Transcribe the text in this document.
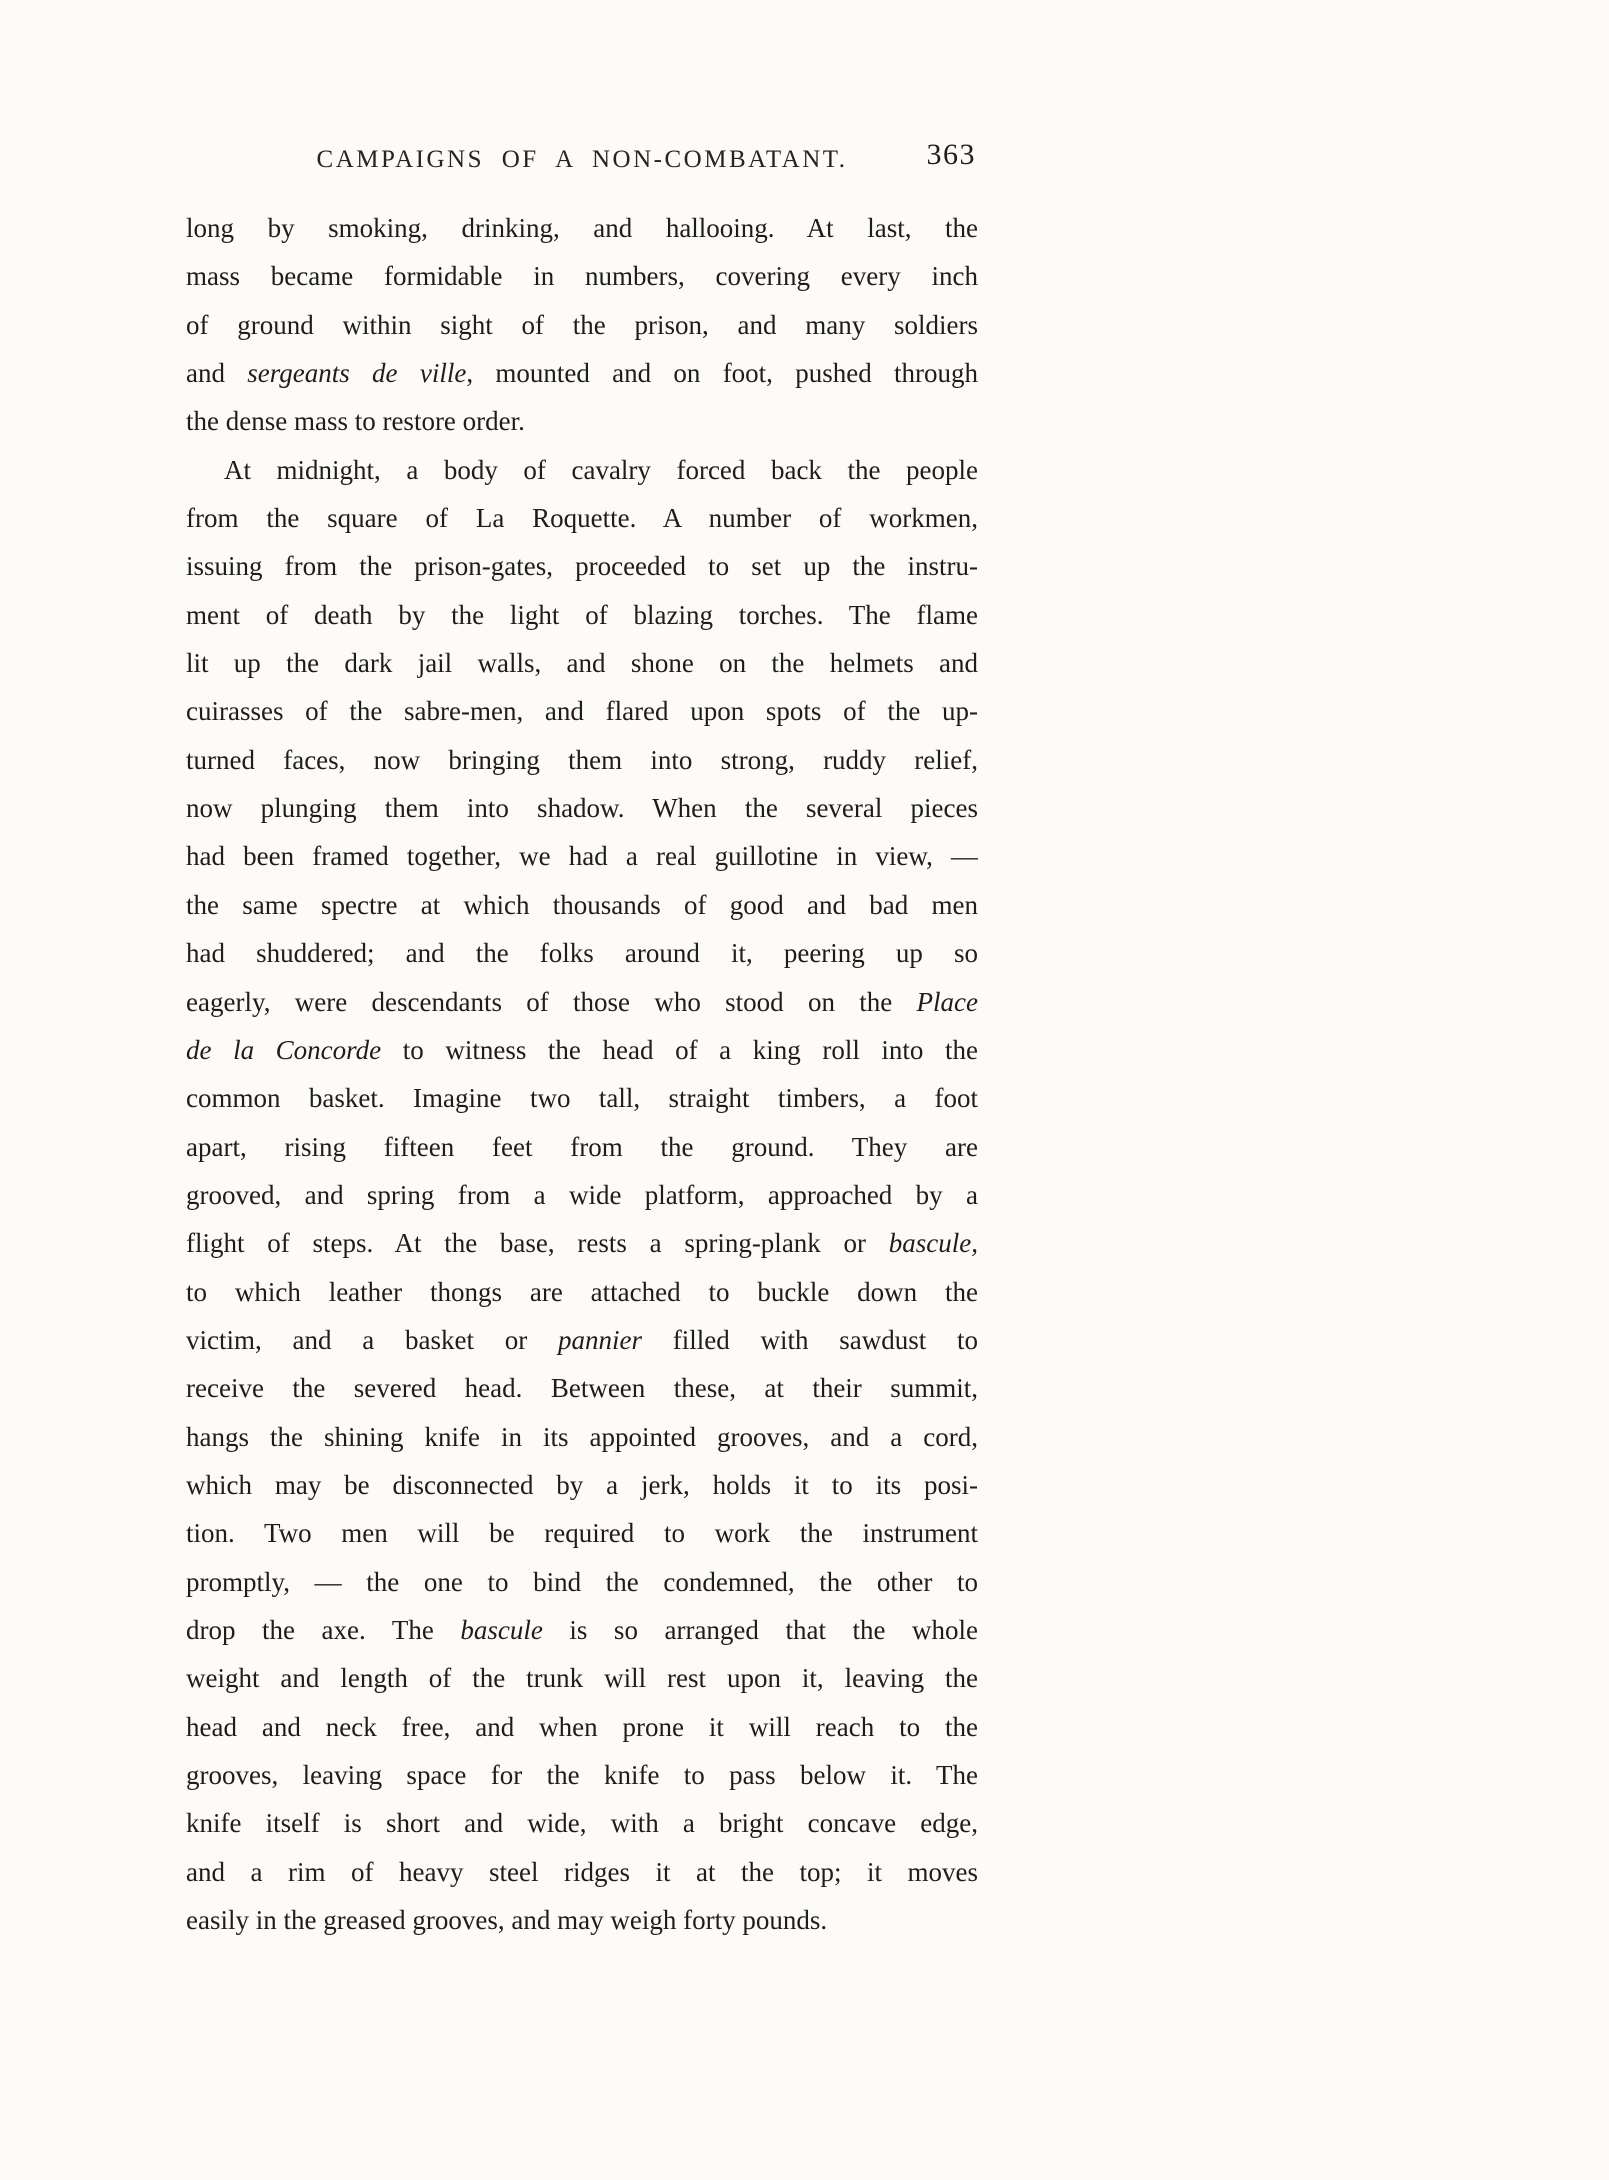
CAMPAIGNS OF A NON-COMBATANT.	363
long by smoking, drinking, and hallooing. At last, the
mass became formidable in numbers, covering every inch
of ground within sight of the prison, and many soldiers
and sergeants de ville, mounted and on foot, pushed through
the dense mass to restore order.
At midnight, a body of cavalry forced back the people
from the square of La Roquette. A number of workmen,
issuing from the prison-gates, proceeded to set up the instru-
ment of death by the light of blazing torches. The flame
lit up the dark jail walls, and shone on the helmets and
cuirasses of the sabre-men, and flared upon spots of the up-
turned faces, now bringing them into strong, ruddy relief,
now plunging them into shadow. When the several pieces
had been framed together, we had a real guillotine in view, —
the same spectre at which thousands of good and bad men
had shuddered; and the folks around it, peering up so
eagerly, were descendants of those who stood on the Place
de la Concorde to witness the head of a king roll into the
common basket. Imagine two tall, straight timbers, a foot
apart, rising fifteen feet from the ground. They are
grooved, and spring from a wide platform, approached by a
flight of steps. At the base, rests a spring-plank or bascule,
to which leather thongs are attached to buckle down the
victim, and a basket or pannier filled with sawdust to
receive the severed head. Between these, at their summit,
hangs the shining knife in its appointed grooves, and a cord,
which may be disconnected by a jerk, holds it to its posi-
tion. Two men will be required to work the instrument
promptly, — the one to bind the condemned, the other to
drop the axe. The bascule is so arranged that the whole
weight and length of the trunk will rest upon it, leaving the
head and neck free, and when prone it will reach to the
grooves, leaving space for the knife to pass below it. The
knife itself is short and wide, with a bright concave edge,
and a rim of heavy steel ridges it at the top; it moves
easily in the greased grooves, and may weigh forty pounds.
